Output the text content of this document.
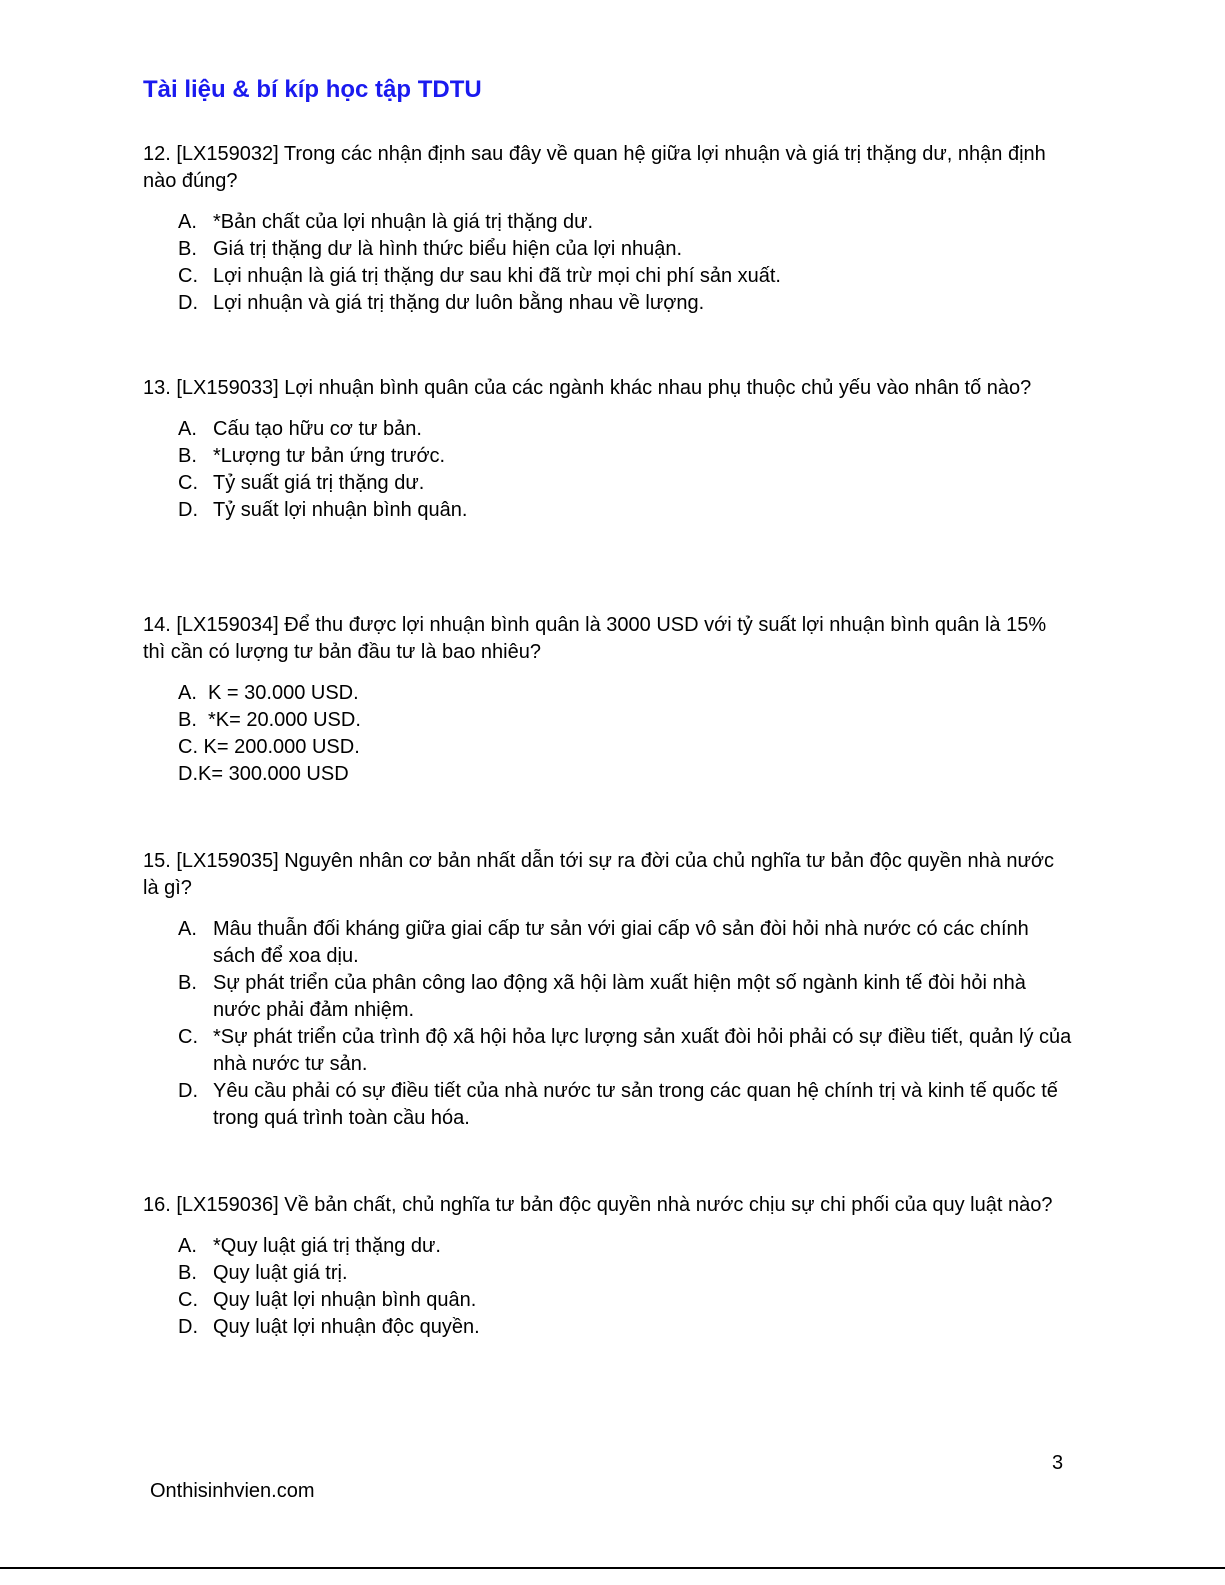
Tài liệu & bí kíp học tập TDTU

12. [LX159032] Trong các nhận định sau đây về quan hệ giữa lợi nhuận và giá trị thặng dư, nhận định nào đúng?

A. *Bản chất của lợi nhuận là giá trị thặng dư.
B. Giá trị thặng dư là hình thức biểu hiện của lợi nhuận.
C. Lợi nhuận là giá trị thặng dư sau khi đã trừ mọi chi phí sản xuất.
D. Lợi nhuận và giá trị thặng dư luôn bằng nhau về lượng.

13. [LX159033] Lợi nhuận bình quân của các ngành khác nhau phụ thuộc chủ yếu vào nhân tố nào?

A. Cấu tạo hữu cơ tư bản.
B. *Lượng tư bản ứng trước.
C. Tỷ suất giá trị thặng dư.
D. Tỷ suất lợi nhuận bình quân.

14. [LX159034] Để thu được lợi nhuận bình quân là 3000 USD với tỷ suất lợi nhuận bình quân là 15% thì cần có lượng tư bản đầu tư là bao nhiêu?

A. K = 30.000 USD.
B. *K= 20.000 USD.
C. K= 200.000 USD.
D. K= 300.000 USD

15. [LX159035] Nguyên nhân cơ bản nhất dẫn tới sự ra đời của chủ nghĩa tư bản độc quyền nhà nước là gì?

A. Mâu thuẫn đối kháng giữa giai cấp tư sản với giai cấp vô sản đòi hỏi nhà nước có các chính sách để xoa dịu.
B. Sự phát triển của phân công lao động xã hội làm xuất hiện một số ngành kinh tế đòi hỏi nhà nước phải đảm nhiệm.
C. *Sự phát triển của trình độ xã hội hỏa lực lượng sản xuất đòi hỏi phải có sự điều tiết, quản lý của nhà nước tư sản.
D. Yêu cầu phải có sự điều tiết của nhà nước tư sản trong các quan hệ chính trị và kinh tế quốc tế trong quá trình toàn cầu hóa.

16. [LX159036] Về bản chất, chủ nghĩa tư bản độc quyền nhà nước chịu sự chi phối của quy luật nào?

A. *Quy luật giá trị thặng dư.
B. Quy luật giá trị.
C. Quy luật lợi nhuận bình quân.
D. Quy luật lợi nhuận độc quyền.
3
Onthisinhvien.com
